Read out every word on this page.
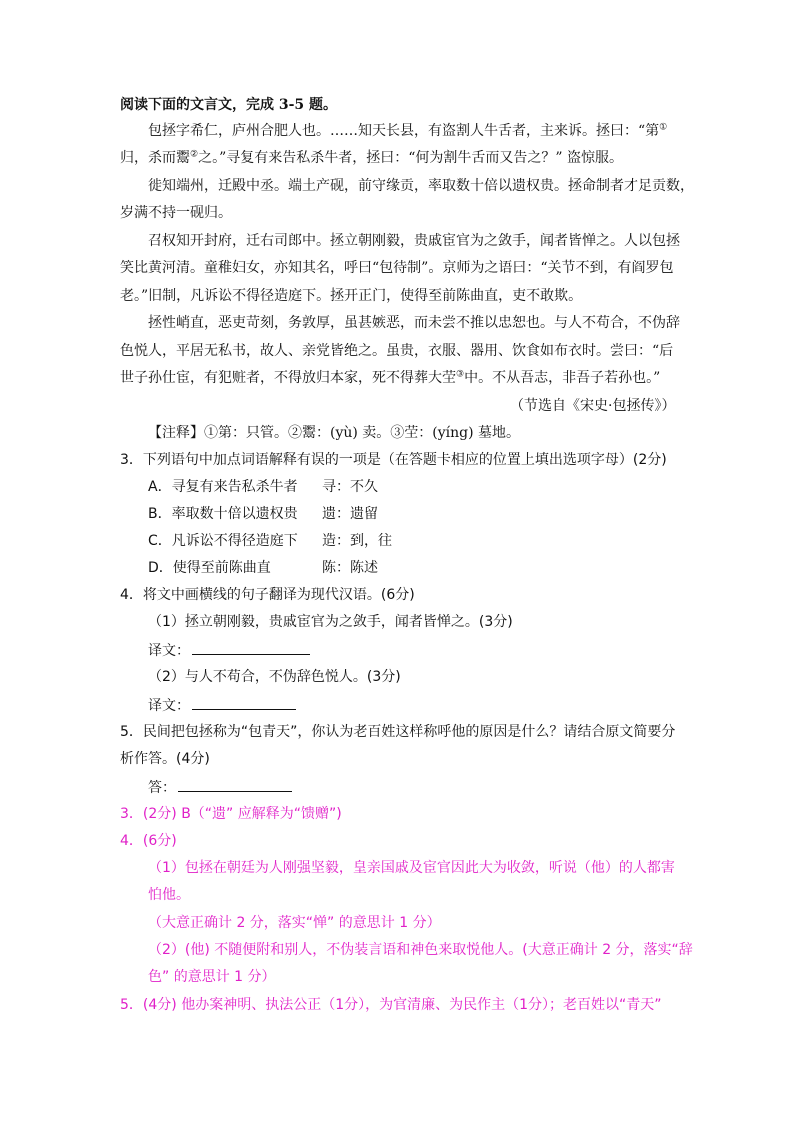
阅读下面的文言文，完成 3-5 题。
包拯字希仁，庐州合肥人也。……知天长县，有盗割人牛舌者，主来诉。拯曰：“第①
归，杀而鬻②之。”寻复有来告私杀牛者，拯曰：“何为割牛舌而又告之？” 盗惊服。
徙知端州，迁殿中丞。端土产砚，前守缘贡，率取数十倍以遗权贵。拯命制者才足贡数，
岁满不持一砚归。
召权知开封府，迁右司郎中。拯立朝刚毅，贵戚宦官为之敛手，闻者皆惮之。人以包拯
笑比黄河清。童稚妇女，亦知其名，呼曰“包待制”。京师为之语曰：“关节不到，有阎罗包
老。”旧制，凡诉讼不得径造庭下。拯开正门，使得至前陈曲直，吏不敢欺。
拯性峭直，恶吏苛刻，务敦厚，虽甚嫉恶，而未尝不推以忠恕也。与人不苟合，不伪辞
色悦人，平居无私书，故人、亲党皆绝之。虽贵，衣服、器用、饮食如布衣时。尝曰：“后
世子孙仕宦，有犯赃者，不得放归本家，死不得葬大茔③中。不从吾志，非吾子若孙也。”
（节选自《宋史·包拯传》）
【注释】①第：只管。②鬻：(yù) 卖。③茔：(yíng) 墓地。
3．下列语句中加点词语解释有误的一项是（在答题卡相应的位置上填出选项字母）(2分)
A．寻复有来告私杀牛者 寻：不久
B．率取数十倍以遗权贵 遗：遗留
C．凡诉讼不得径造庭下 造：到，往
D．使得至前陈曲直	陈：陈述
4．将文中画横线的句子翻译为现代汉语。(6分)
（1）拯立朝刚毅，贵戚宦官为之敛手，闻者皆惮之。(3分)
译文：
（2）与人不苟合，不伪辞色悦人。(3分)
译文：
5．民间把包拯称为“包青天”，你认为老百姓这样称呼他的原因是什么？请结合原文简要分
析作答。(4分)
答：
3．(2分) B（“遗” 应解释为“馈赠”)
4．(6分)
（1）包拯在朝廷为人刚强坚毅，皇亲国戚及宦官因此大为收敛，听说（他）的人都害
怕他。
（大意正确计 2 分，落实“惮” 的意思计 1 分）
（2）(他) 不随便附和别人，不伪装言语和神色来取悦他人。(大意正确计 2 分，落实“辞
色” 的意思计 1 分）
5．(4分) 他办案神明、执法公正（1分），为官清廉、为民作主（1分）；老百姓以“青天”
